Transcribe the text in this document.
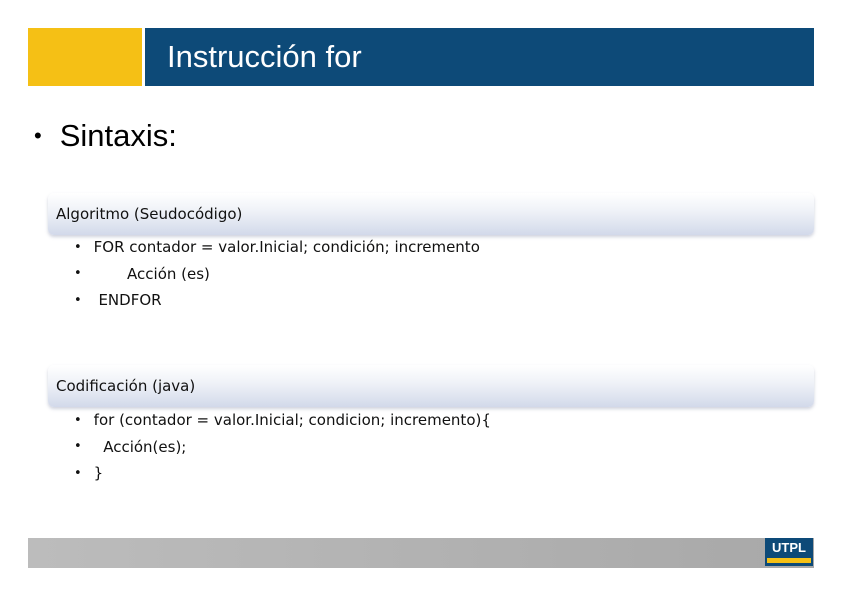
Instrucción for
• Sintaxis:
Algoritmo (Seudocódigo)
• FOR contador = valor.Inicial; condición; incremento
• Acción (es)
• ENDFOR
Codificación (java)
• for (contador = valor.Inicial; condicion; incremento){
• Acción(es);
• }
UTPL
